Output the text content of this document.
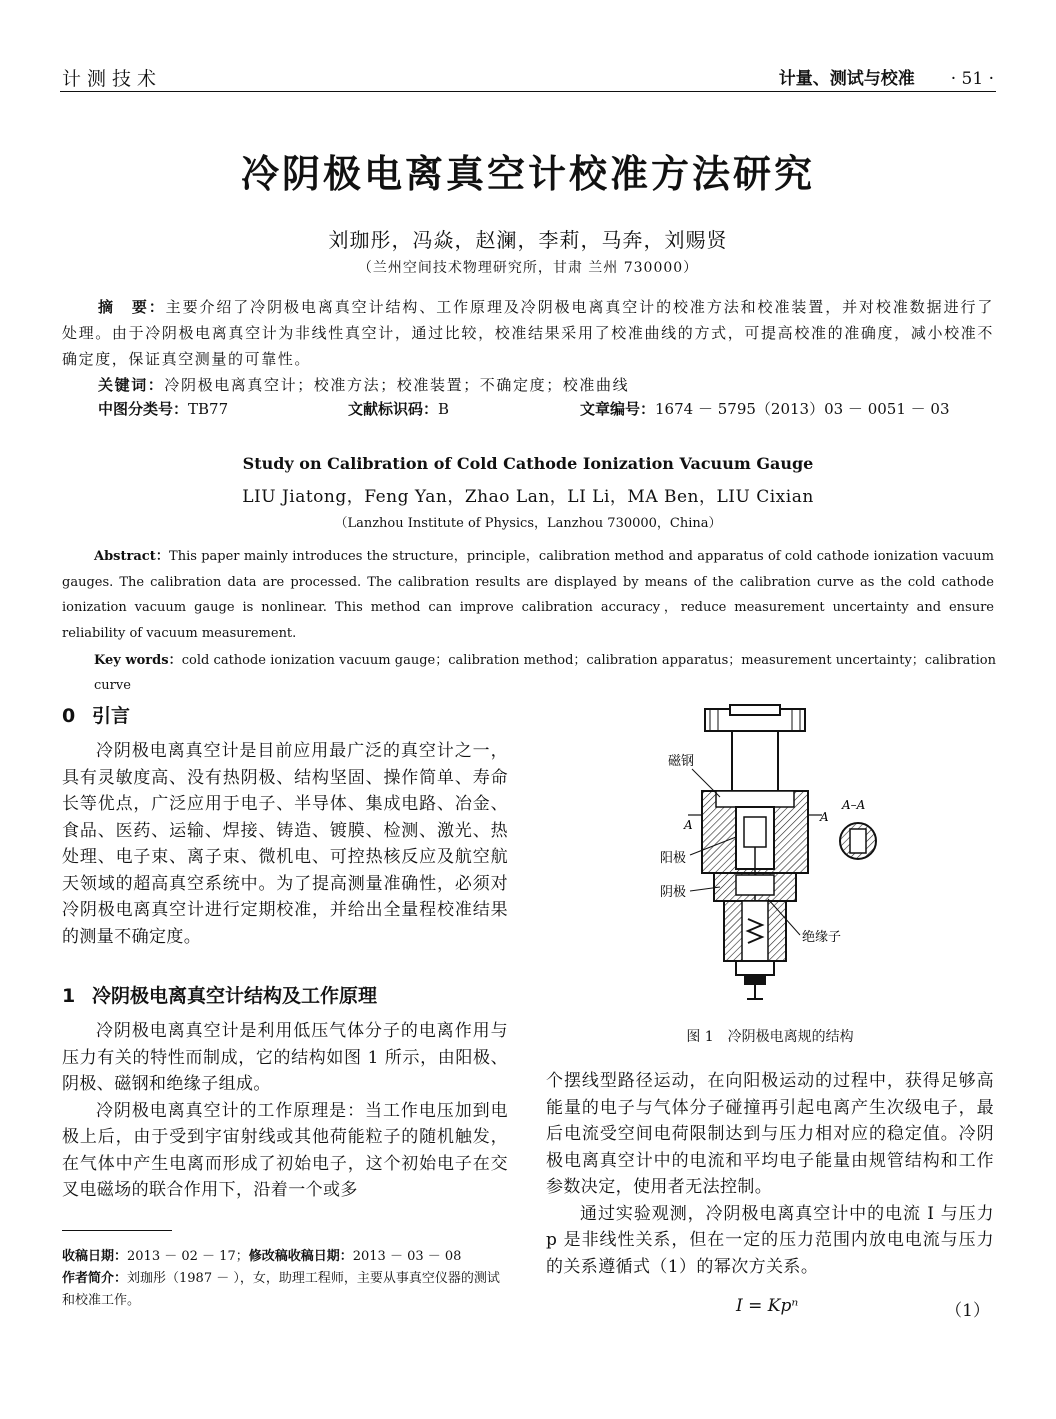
计测技术	计量、测试与校准 · 51 ·
冷阴极电离真空计校准方法研究
刘珈彤，冯焱，赵澜，李莉，马奔，刘赐贤
（兰州空间技术物理研究所，甘肃 兰州 730000）
摘　要：主要介绍了冷阴极电离真空计结构、工作原理及冷阴极电离真空计的校准方法和校准装置，并对校准数据进行了处理。由于冷阴极电离真空计为非线性真空计，通过比较，校准结果采用了校准曲线的方式，可提高校准的准确度，减小校准不确定度，保证真空测量的可靠性。
关键词：冷阴极电离真空计；校准方法；校准装置；不确定度；校准曲线
中图分类号：TB77	文献标识码：B	文章编号：1674 － 5795（2013）03 － 0051 － 03
Study on Calibration of Cold Cathode Ionization Vacuum Gauge
LIU Jiatong，Feng Yan，Zhao Lan，LI Li，MA Ben，LIU Cixian
（Lanzhou Institute of Physics，Lanzhou 730000，China）
Abstract：This paper mainly introduces the structure，principle，calibration method and apparatus of cold cathode ionization vacuum gauges. The calibration data are processed. The calibration results are displayed by means of the calibration curve as the cold cathode ionization vacuum gauge is nonlinear. This method can improve calibration accuracy，reduce measurement uncertainty and ensure reliability of vacuum measurement.
Key words：cold cathode ionization vacuum gauge；calibration method；calibration apparatus；measurement uncertainty；calibration curve
0 引言

冷阴极电离真空计是目前应用最广泛的真空计之一，具有灵敏度高、没有热阴极、结构坚固、操作简单、寿命长等优点，广泛应用于电子、半导体、集成电路、冶金、食品、医药、运输、焊接、铸造、镀膜、检测、激光、热处理、电子束、离子束、微机电、可控热核反应及航空航天领域的超高真空系统中。为了提高测量准确性，必须对冷阴极电离真空计进行定期校准，并给出全量程校准结果的测量不确定度。

1 冷阴极电离真空计结构及工作原理

冷阴极电离真空计是利用低压气体分子的电离作用与压力有关的特性而制成，它的结构如图 1 所示，由阳极、阴极、磁钢和绝缘子组成。

冷阴极电离真空计的工作原理是：当工作电压加到电极上后，由于受到宇宙射线或其他荷能粒子的随机触发，在气体中产生电离而形成了初始电子，这个初始电子在交叉电磁场的联合作用下，沿着一个或多

收稿日期：2013 － 02 － 17；修改稿收稿日期：2013 － 03 － 08
作者简介：刘珈彤（1987 － ），女，助理工程师，主要从事真空仪器的测试和校准工作。
磁钢
阳极
阴极
绝缘子
A–A
A
A
图 1　冷阴极电离规的结构

个摆线型路径运动，在向阳极运动的过程中，获得足够高能量的电子与气体分子碰撞再引起电离产生次级电子，最后电流受空间电荷限制达到与压力相对应的稳定值。冷阴极电离真空计中的电流和平均电子能量由规管结构和工作参数决定，使用者无法控制。

通过实验观测，冷阴极电离真空计中的电流 I 与压力 p 是非线性关系，但在一定的压力范围内放电电流与压力的关系遵循式（1）的幂次方关系。

I = Kpⁿ	（1）
